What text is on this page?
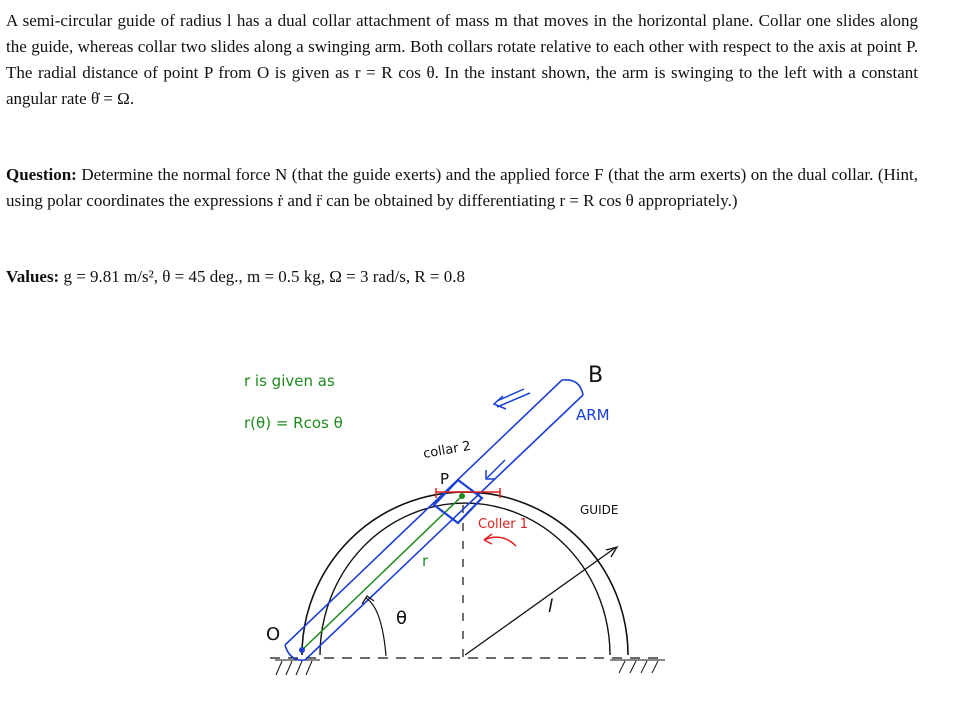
A semi-circular guide of radius l has a dual collar attachment of mass m that moves in the horizontal plane. Collar one slides along the guide, whereas collar two slides along a swinging arm. Both collars rotate relative to each other with respect to the axis at point P. The radial distance of point P from O is given as r = R cos θ. In the instant shown, the arm is swinging to the left with a constant angular rate θ̇ = Ω.
Question: Determine the normal force N (that the guide exerts) and the applied force F (that the arm exerts) on the dual collar. (Hint, using polar coordinates the expressions ṙ and r̈ can be obtained by differentiating r = R cos θ appropriately.)
Values: g = 9.81 m/s², θ = 45 deg., m = 0.5 kg, Ω = 3 rad/s, R = 0.8
r is given as
r(θ) = Rcos θ
B
ARM
collar 2
P
GUIDE
Coller 1
r
l
O
θ
